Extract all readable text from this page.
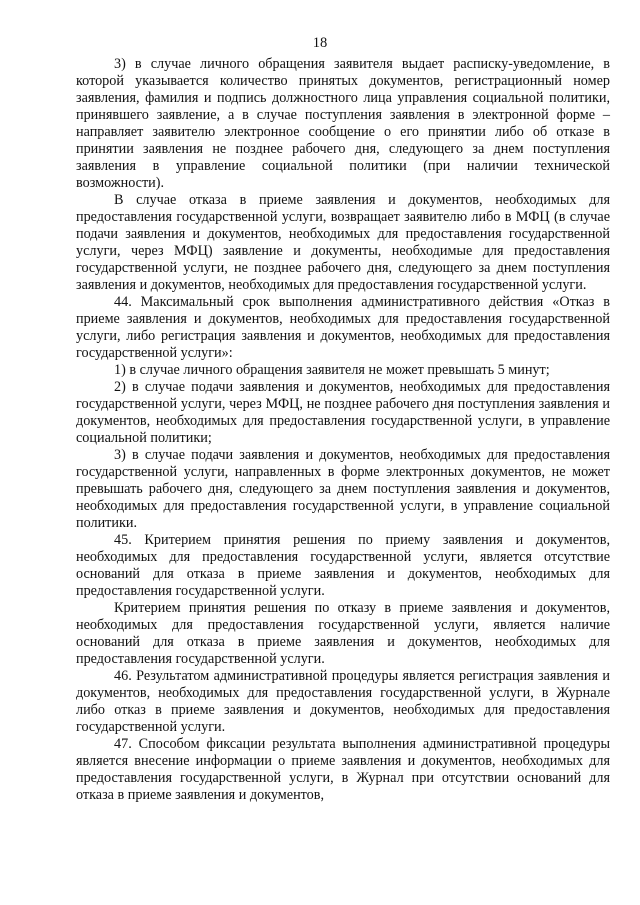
18

3) в случае личного обращения заявителя выдает расписку-уведомление, в которой указывается количество принятых документов, регистрационный номер заявления, фамилия и подпись должностного лица управления социальной политики, принявшего заявление, а в случае поступления заявления в электронной форме – направляет заявителю электронное сообщение о его принятии либо об отказе в принятии заявления не позднее рабочего дня, следующего за днем поступления заявления в управление социальной политики (при наличии технической возможности).

В случае отказа в приеме заявления и документов, необходимых для предоставления государственной услуги, возвращает заявителю либо в МФЦ (в случае подачи заявления и документов, необходимых для предоставления государственной услуги, через МФЦ) заявление и документы, необходимые для предоставления государственной услуги, не позднее рабочего дня, следующего за днем поступления заявления и документов, необходимых для предоставления государственной услуги.

44. Максимальный срок выполнения административного действия «Отказ в приеме заявления и документов, необходимых для предоставления государственной услуги, либо регистрация заявления и документов, необходимых для предоставления государственной услуги»:

1) в случае личного обращения заявителя не может превышать 5 минут;

2) в случае подачи заявления и документов, необходимых для предоставления государственной услуги, через МФЦ, не позднее рабочего дня поступления заявления и документов, необходимых для предоставления государственной услуги, в управление социальной политики;

3) в случае подачи заявления и документов, необходимых для предоставления государственной услуги, направленных в форме электронных документов, не может превышать рабочего дня, следующего за днем поступления заявления и документов, необходимых для предоставления государственной услуги, в управление социальной политики.

45. Критерием принятия решения по приему заявления и документов, необходимых для предоставления государственной услуги, является отсутствие оснований для отказа в приеме заявления и документов, необходимых для предоставления государственной услуги.

Критерием принятия решения по отказу в приеме заявления и документов, необходимых для предоставления государственной услуги, является наличие оснований для отказа в приеме заявления и документов, необходимых для предоставления государственной услуги.

46. Результатом административной процедуры является регистрация заявления и документов, необходимых для предоставления государственной услуги, в Журнале либо отказ в приеме заявления и документов, необходимых для предоставления государственной услуги.

47. Способом фиксации результата выполнения административной процедуры является внесение информации о приеме заявления и документов, необходимых для предоставления государственной услуги, в Журнал при отсутствии оснований для отказа в приеме заявления и документов,
